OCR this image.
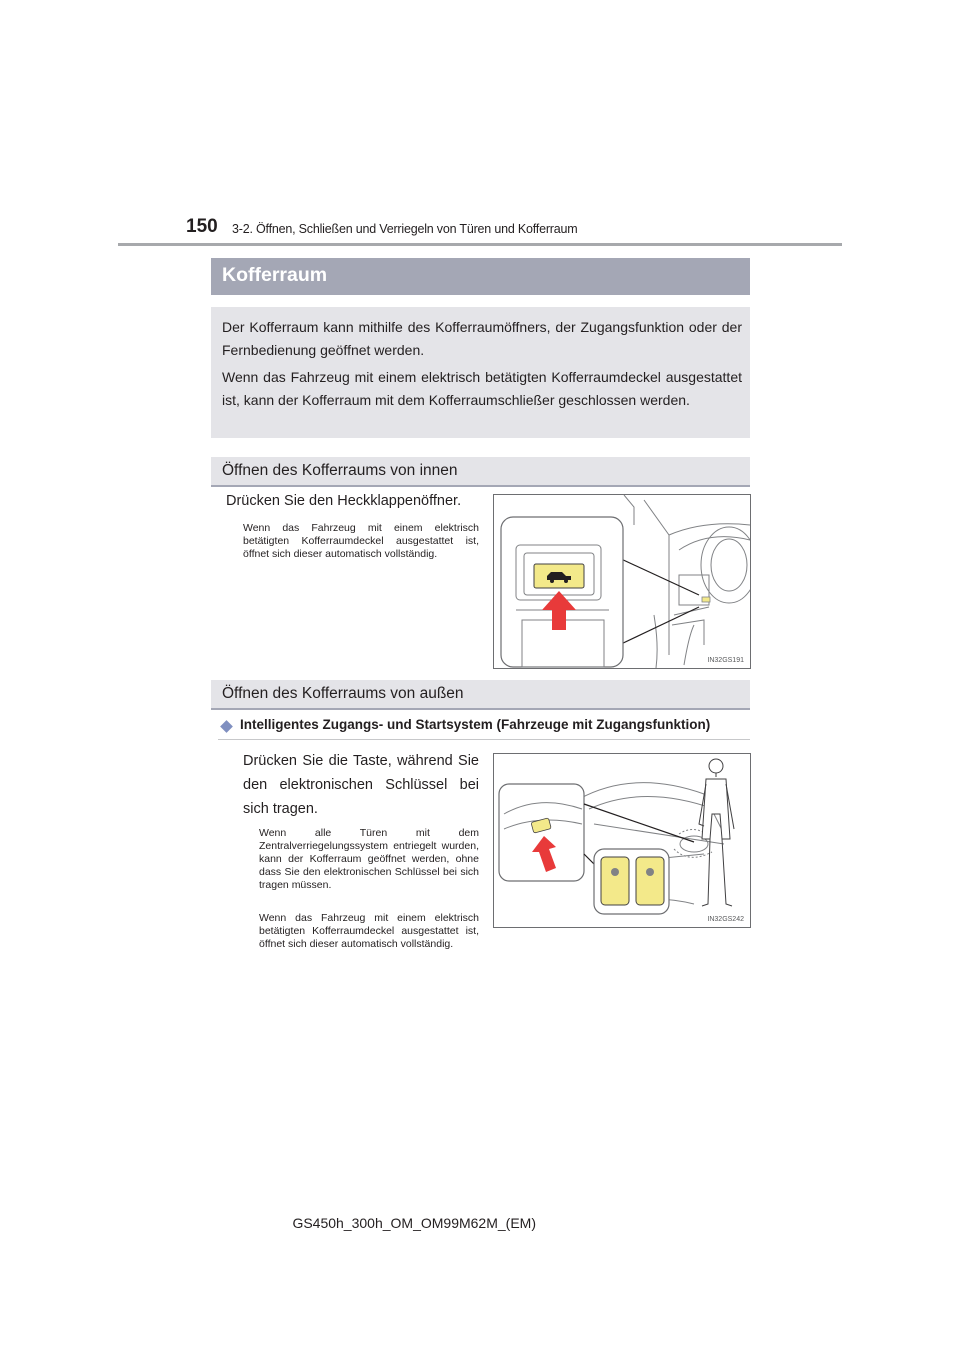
150 3-2. Öffnen, Schließen und Verriegeln von Türen und Kofferraum
Kofferraum

Der Kofferraum kann mithilfe des Kofferraumöffners, der Zugangsfunktion oder der Fernbedienung geöffnet werden.

Wenn das Fahrzeug mit einem elektrisch betätigten Kofferraumdeckel ausgestattet ist, kann der Kofferraum mit dem Kofferraumschließer geschlossen werden.

Öffnen des Kofferraums von innen
Drücken Sie den Heckklappenöffner.

Wenn das Fahrzeug mit einem elektrisch betätigten Kofferraumdeckel ausgestattet ist, öffnet sich dieser automatisch vollständig.

IN32GS191
Öffnen des Kofferraums von außen
Intelligentes Zugangs- und Startsystem (Fahrzeuge mit Zugangsfunktion)

Drücken Sie die Taste, während Sie den elektronischen Schlüssel bei sich tragen.

Wenn alle Türen mit dem Zentralverriegelungssystem entriegelt wurden, kann der Kofferraum geöffnet werden, ohne dass Sie den elektronischen Schlüssel bei sich tragen müssen.

Wenn das Fahrzeug mit einem elektrisch betätigten Kofferraumdeckel ausgestattet ist, öffnet sich dieser automatisch vollständig.

IN32GS242
GS450h_300h_OM_OM99M62M_(EM)
